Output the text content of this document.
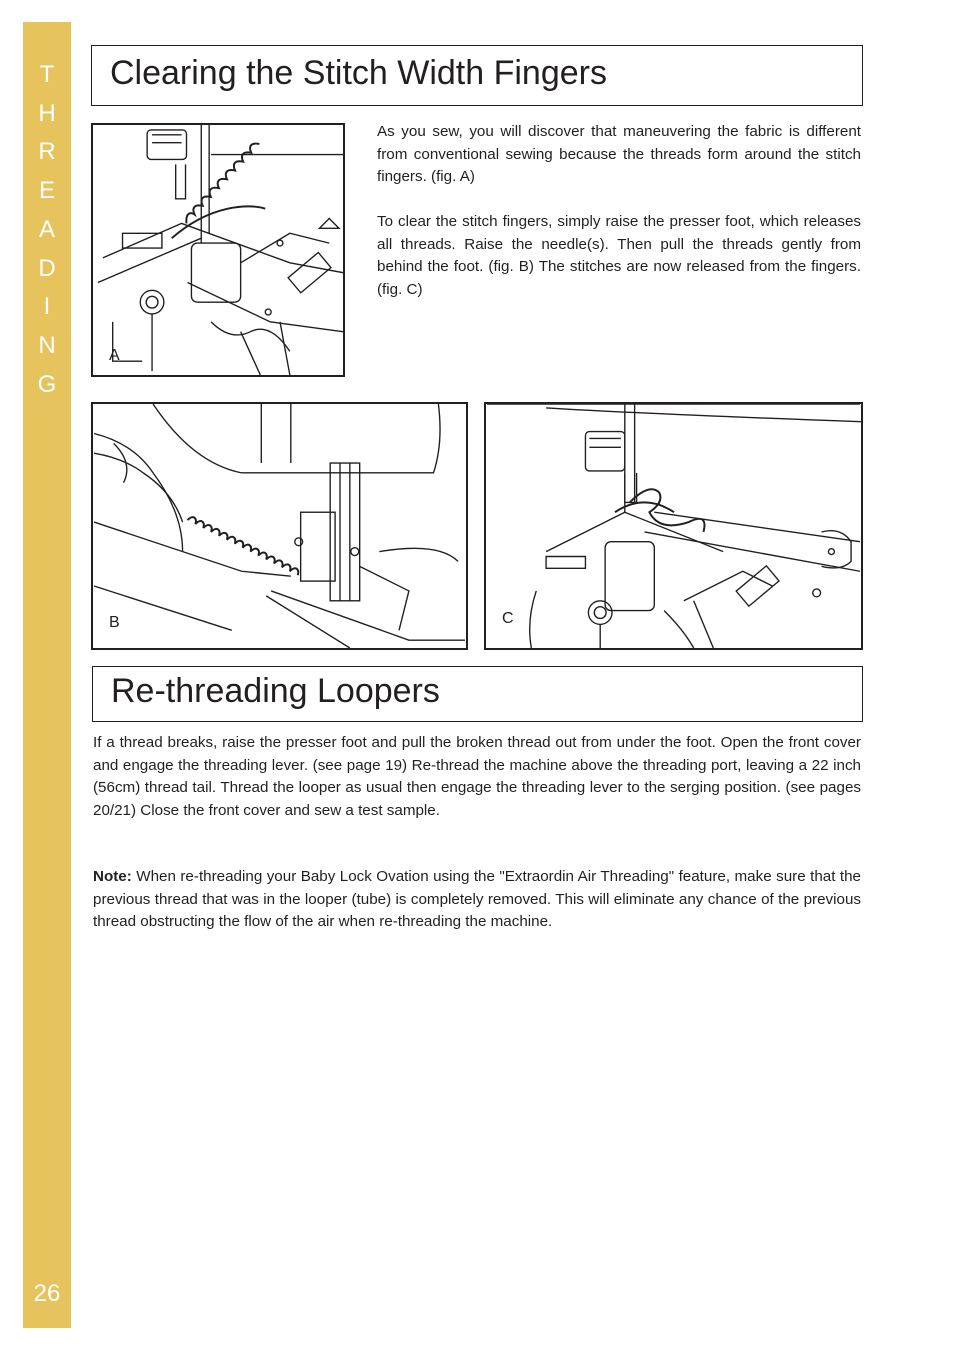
T
H
R
E
A
D
I
N
G
26
Clearing the Stitch Width Fingers
A

As you sew, you will discover that maneuvering the fabric is different from conventional sewing because the threads form around the stitch fingers. (fig. A)

To clear the stitch fingers, simply raise the presser foot, which releases all threads. Raise the needle(s). Then pull the threads gently from behind the foot. (fig. B) The stitches are now released from the fingers. (fig. C)

B	C
Re-threading Loopers

If a thread breaks, raise the presser foot and pull the broken thread out from under the foot. Open the front cover and engage the threading lever. (see page 19) Re-thread the machine above the threading port, leaving a 22 inch (56cm) thread tail. Thread the looper as usual then engage the threading lever to the serging position. (see pages 20/21) Close the front cover and sew a test sample.

Note: When re-threading your Baby Lock Ovation using the "Extraordin Air Threading" feature, make sure that the previous thread that was in the looper (tube) is completely removed. This will eliminate any chance of the previous thread obstructing the flow of the air when re-threading the machine.
